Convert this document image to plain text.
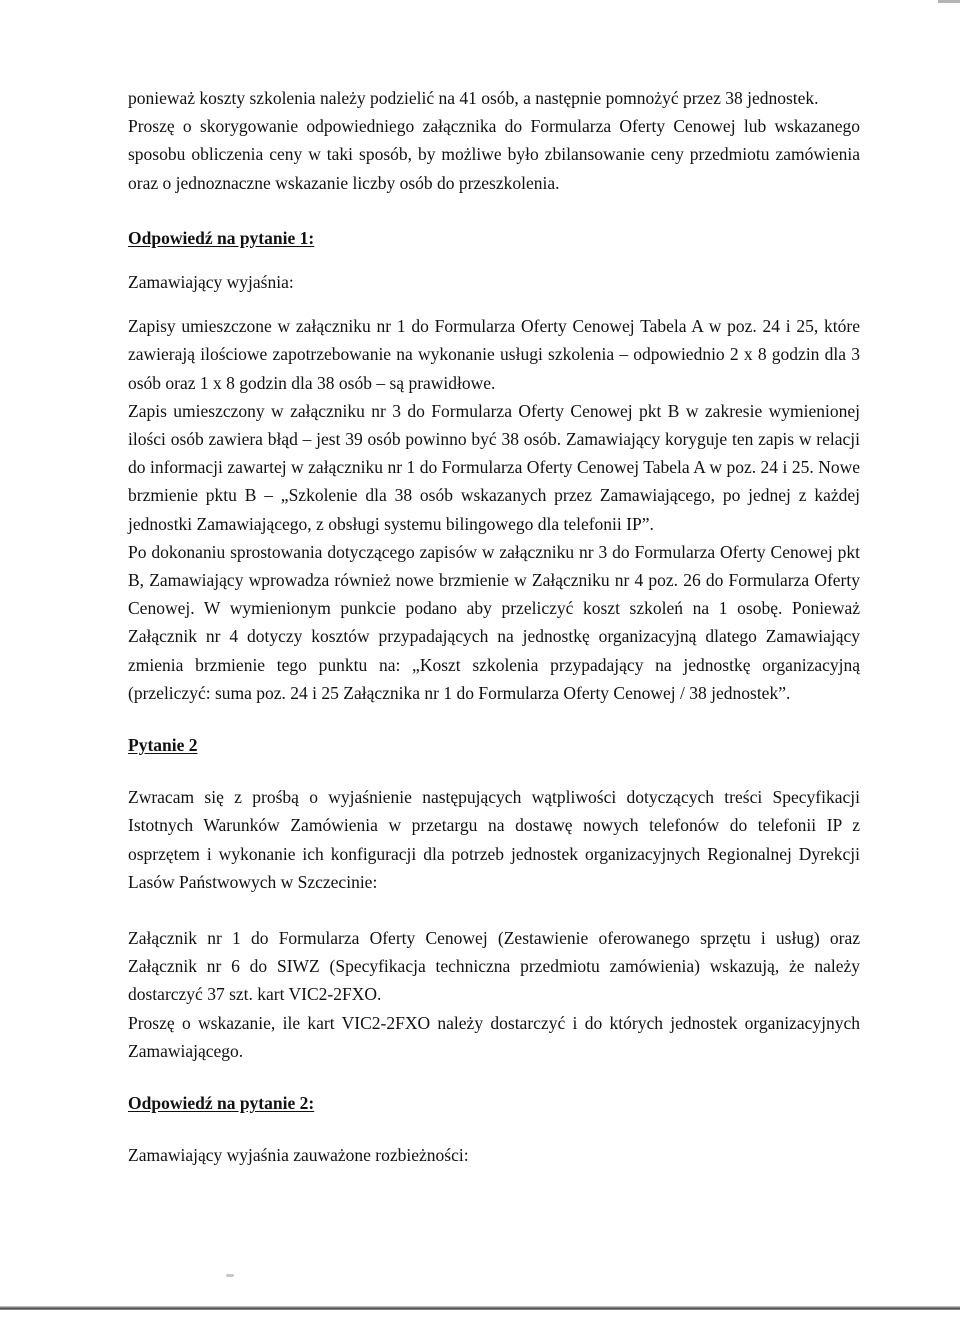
ponieważ koszty szkolenia należy podzielić na 41 osób, a następnie pomnożyć przez 38 jednostek.

Proszę o skorygowanie odpowiedniego załącznika do Formularza Oferty Cenowej lub wskazanego sposobu obliczenia ceny w taki sposób, by możliwe było zbilansowanie ceny przedmiotu zamówienia oraz o jednoznaczne wskazanie liczby osób do przeszkolenia.

Odpowiedź na pytanie 1:

Zamawiający wyjaśnia:

Zapisy umieszczone w załączniku nr 1 do Formularza Oferty Cenowej Tabela A w poz. 24 i 25, które zawierają ilościowe zapotrzebowanie na wykonanie usługi szkolenia – odpowiednio 2 x 8 godzin dla 3 osób oraz 1 x 8 godzin dla 38 osób – są prawidłowe.

Zapis umieszczony w załączniku nr 3 do Formularza Oferty Cenowej pkt B w zakresie wymienionej ilości osób zawiera błąd – jest 39 osób powinno być 38 osób. Zamawiający koryguje ten zapis w relacji do informacji zawartej w załączniku nr 1 do Formularza Oferty Cenowej Tabela A w poz. 24 i 25. Nowe brzmienie pktu B – „Szkolenie dla 38 osób wskazanych przez Zamawiającego, po jednej z każdej jednostki Zamawiającego, z obsługi systemu bilingowego dla telefonii IP”.

Po dokonaniu sprostowania dotyczącego zapisów w załączniku nr 3 do Formularza Oferty Cenowej pkt B, Zamawiający wprowadza również nowe brzmienie w Załączniku nr 4 poz. 26 do Formularza Oferty Cenowej. W wymienionym punkcie podano aby przeliczyć koszt szkoleń na 1 osobę. Ponieważ Załącznik nr 4 dotyczy kosztów przypadających na jednostkę organizacyjną dlatego Zamawiający zmienia brzmienie tego punktu na: „Koszt szkolenia przypadający na jednostkę organizacyjną (przeliczyć: suma poz. 24 i 25 Załącznika nr 1 do Formularza Oferty Cenowej / 38 jednostek”.

Pytanie 2

Zwracam się z prośbą o wyjaśnienie następujących wątpliwości dotyczących treści Specyfikacji Istotnych Warunków Zamówienia w przetargu na dostawę nowych telefonów do telefonii IP z osprzętem i wykonanie ich konfiguracji dla potrzeb jednostek organizacyjnych Regionalnej Dyrekcji Lasów Państwowych w Szczecinie:

Załącznik nr 1 do Formularza Oferty Cenowej (Zestawienie oferowanego sprzętu i usług) oraz Załącznik nr 6 do SIWZ (Specyfikacja techniczna przedmiotu zamówienia) wskazują, że należy dostarczyć 37 szt. kart VIC2-2FXO.

Proszę o wskazanie, ile kart VIC2-2FXO należy dostarczyć i do których jednostek organizacyjnych Zamawiającego.

Odpowiedź na pytanie 2:

Zamawiający wyjaśnia zauważone rozbieżności:
